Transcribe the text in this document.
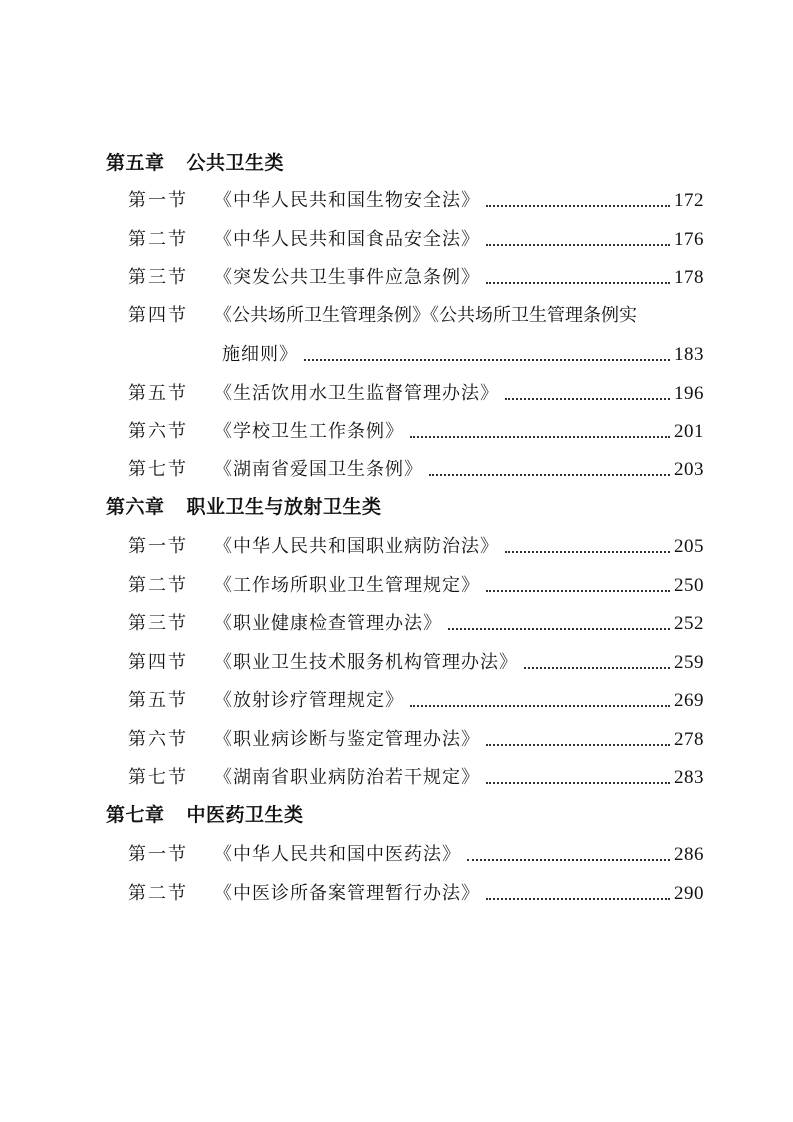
第五章 公共卫生类
第一节	《中华人民共和国生物安全法》	172
第二节	《中华人民共和国食品安全法》	176
第三节	《突发公共卫生事件应急条例》	178
第四节	《公共场所卫生管理条例》《公共场所卫生管理条例实
施细则》	183
第五节	《生活饮用水卫生监督管理办法》	196
第六节	《学校卫生工作条例》	201
第七节	《湖南省爱国卫生条例》	203
第六章 职业卫生与放射卫生类
第一节	《中华人民共和国职业病防治法》	205
第二节	《工作场所职业卫生管理规定》	250
第三节	《职业健康检查管理办法》	252
第四节	《职业卫生技术服务机构管理办法》	259
第五节	《放射诊疗管理规定》	269
第六节	《职业病诊断与鉴定管理办法》	278
第七节	《湖南省职业病防治若干规定》	283
第七章 中医药卫生类
第一节	《中华人民共和国中医药法》	286
第二节	《中医诊所备案管理暂行办法》	290
